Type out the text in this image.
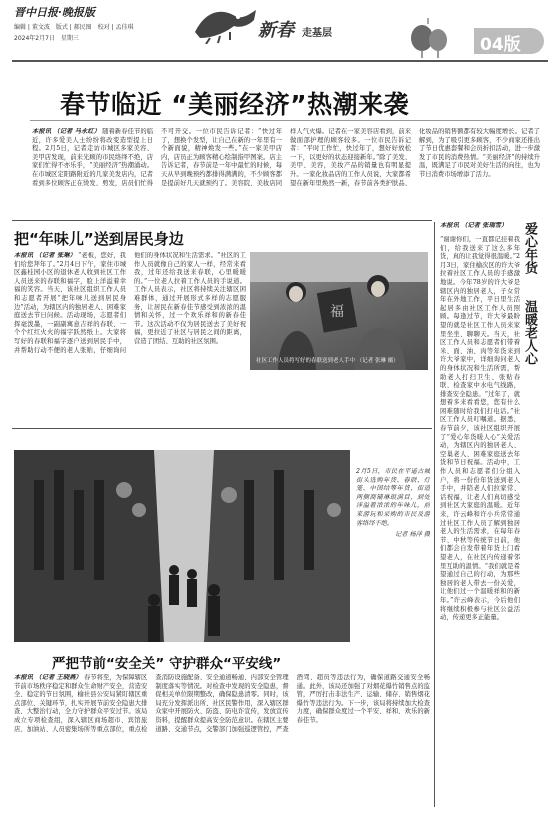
晋中日报·晚报版
编辑 | 董文波　版式 | 郝民图　校对 | 孟佳琪
2024年2月7日　星期三	新春 走基层
04版
春节临近 “美丽经济”热潮来袭
本报讯 （记者 马永红） 随着新春佳节的临近，许多爱美人士纷纷将改变造型提上日程。2月5日，记者走访市城区多家美容、美甲店发现，前来光顾的市民络绎不绝，店家们忙得不亦乐乎，“美丽经济”热潮涌动。在市城区定阳路附近的几家美发店内，记者看到多位顾客正在烫发、剪发，店员们忙得不可开交。一位市民告诉记者：“快过年了，想换个发型，让自己在新的一年里有一个新面貌，精神焕发一些。”在一家美甲店内，店员正为顾客精心绘制指甲图案。店主告诉记者，春节前是一年中最忙的时候，每天从早到晚预约都排得满满的，不少顾客都是提前好几天就预约了。美容院、美妆店同样人气火爆。记者在一家美容店看到，前来做面部护理的顾客较多。一位市民告诉记者：“平时工作忙，快过年了，想好好放松一下，以更好的状态迎接新年。”除了美发、美甲、美容，美妆产品的销量也有明显提升。一家化妆品店的工作人员说，大家都希望在新年里焕然一新，春节前各类护肤品、化妆品的销售额都有较大幅度增长。记者了解到，为了吸引更多顾客，不少商家还推出了节日优惠套餐和会员折扣活动，进一步激发了市民的消费热情。“美丽经济”的持续升温，既满足了市民对美好生活的向往，也为节日消费市场增添了活力。
把“年味儿”送到居民身边
本报讯 （记者 张琳） “老板，您好，我们给您拜年了。”2月4日下午，家住市城区鑫桂园小区的退休老人收到社区工作人员送来的春联和福字，脸上洋溢着幸福的笑容。当天，该社区组织工作人员和志愿者开展“把年味儿送到居民身边”活动，为辖区内的独居老人、困难家庭送去节日问候。活动现场，志愿者们挥毫泼墨，一副副寓意吉祥的春联、一个个红红火火的福字跃然纸上。大家将写好的春联和福字逐户送到居民手中，并帮助行动不便的老人张贴，仔细询问他们的身体状况和生活需求。“社区的工作人员就像自己的家人一样，经常来看我，过年还给我送来春联，心里暖暖的。”一位老人拉着工作人员的手说道。工作人员表示，社区将持续关注辖区困难群体，通过开展形式多样的志愿服务，让居民在新春佳节感受到浓浓的温情和关怀，过一个欢乐祥和的新春佳节。这次活动不仅为居民送去了美好祝福，更拉近了社区与居民之间的距离，营造了团结、互助的社区氛围。
福
社区工作人员将写好的春联送到老人手中 （记者 张琳 摄）
本报讯 （记者 张瑞雪）	爱心年货
温暖老人心
“谢谢你们，一直都记挂着我们，给我送来了这么多年货，真的让我觉得很温暖。”2月3日，家住榆次区的许大爷拉着社区工作人员的手感激地说。今年78岁的许大爷是辖区内的独居老人，子女常年在外地工作，平日里生活起居多由社区工作人员照顾。每逢过节，许大爷最盼望的就是社区工作人员来家里坐坐、聊聊天。当天，社区工作人员和志愿者们带着米、面、油、肉等年货来到许大爷家中，详细询问老人的身体状况和生活所需，帮助老人打扫卫生、张贴春联、检查家中水电气线路，排查安全隐患。“过年了，就想着多来看看您，您有什么困难随时给我们打电话。”社区工作人员叮嘱道。据悉，春节前夕，该社区组织开展了“爱心年货暖人心”关爱活动，为辖区内的独居老人、空巢老人、困难家庭送去年货和节日祝福。活动中，工作人员和志愿者们分组入户，将一份份年货送到老人手中，并陪老人们拉家常、话祝福，让老人们真切感受到社区大家庭的温暖。近年来，许云峰和许小兵常常通过社区工作人员了解到独居老人的生活需求，在每年春节、中秋等传统节日前，他们都会自发带着年货上门看望老人，在社区内传递着邻里互助的温情。“我们就是希望通过自己的行动，为那些独居的老人带去一份关爱，让他们过一个温暖祥和的新年。”许云峰表示，今后他们将继续积极参与社区公益活动，传递更多正能量。
2月5日，市民在平遥古城街头选购年货、春联、灯笼、中国结等年货，街道两侧商铺琳琅满目，到处洋溢着浓浓的年味儿，前来游玩和采购的市民及游客络绎不绝。
记者 杨洋 摄
严把节前“安全关” 守护群众“平安线”
本报讯 （记者 王晓燕） 春节将至，为保障辖区节前市场秩序稳定和群众生命财产安全，营造安全、稳定的节日氛围，榆社县公安局紧盯辖区重点部位、关键环节，扎实开展节前安全隐患大排查、大整治行动，全力守护群众平安过节。该局成立专项检查组，深入辖区商场超市、宾馆旅店、加油站、人员密集场所等重点部位，重点检查消防设施配备、安全通道畅通、内部安全管理制度落实等情况。对检查中发现的安全隐患，督促相关单位限期整改，确保隐患清零。同时，该局充分发挥派出所、社区民警作用，深入辖区群众家中开展防火、防盗、防电诈宣传，发放宣传资料，提醒群众提高安全防范意识。在辖区主要道路、交通节点，交警部门加强巡逻管控，严查酒驾、超员等违法行为，确保道路交通安全畅通。此外，该局还加强了对烟花爆竹销售点的监管，严厉打击非法生产、运输、储存、销售烟花爆竹等违法行为。下一步，该局将持续加大检查力度，确保群众度过一个平安、祥和、欢乐的新春佳节。
